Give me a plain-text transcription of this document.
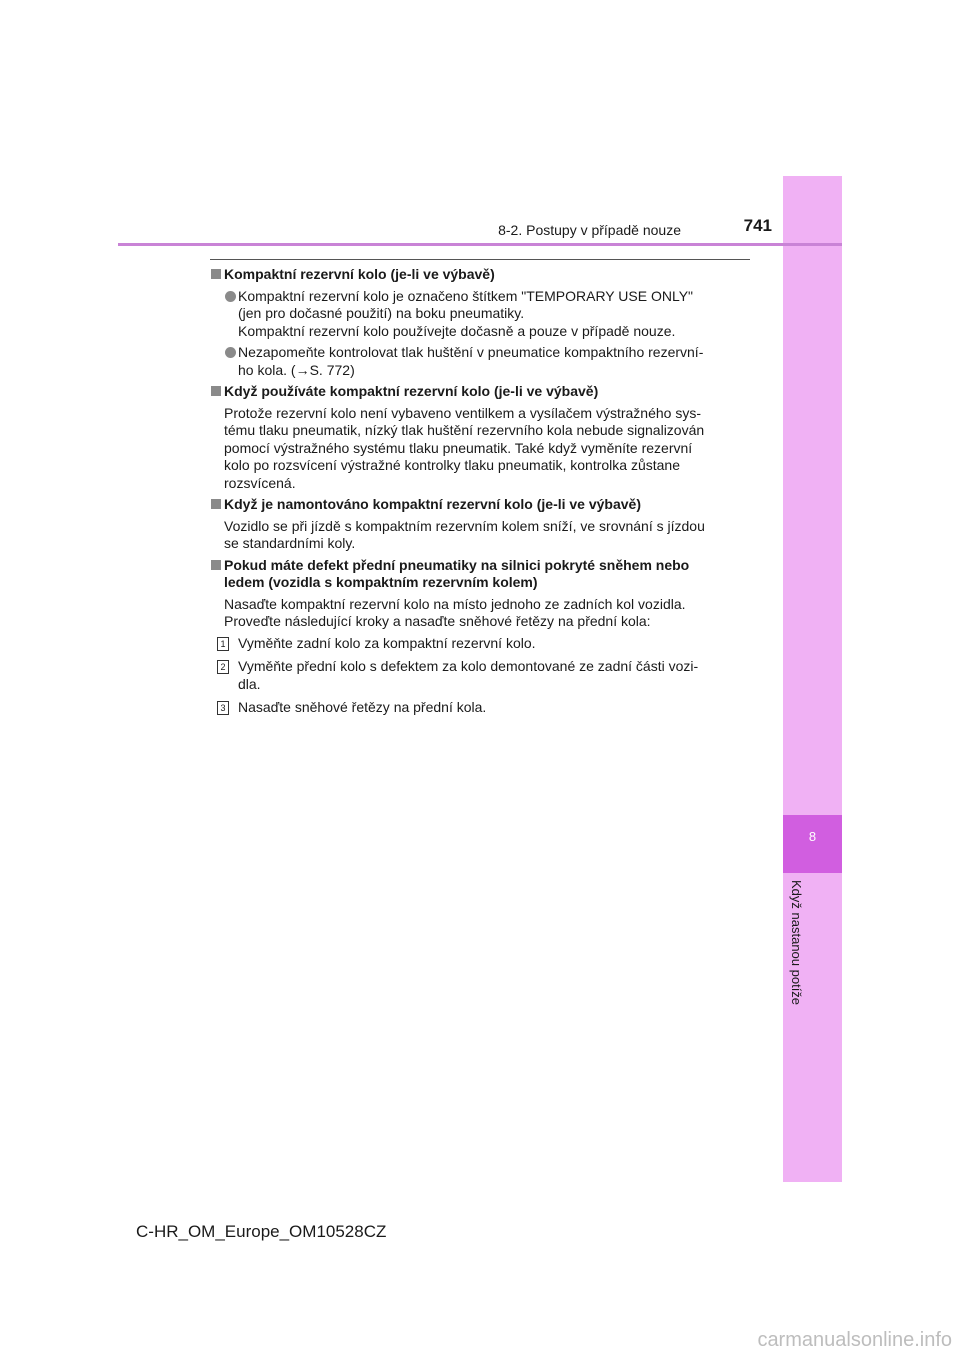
8
Když nastanou potíže
8-2. Postupy v případě nouze	741
Kompaktní rezervní kolo (je-li ve výbavě)
Kompaktní rezervní kolo je označeno štítkem "TEMPORARY USE ONLY"
(jen pro dočasné použití) na boku pneumatiky.
Kompaktní rezervní kolo používejte dočasně a pouze v případě nouze.
Nezapomeňte kontrolovat tlak huštění v pneumatice kompaktního rezervní-
ho kola. (→S. 772)
Když používáte kompaktní rezervní kolo (je-li ve výbavě)
Protože rezervní kolo není vybaveno ventilkem a vysílačem výstražného sys-
tému tlaku pneumatik, nízký tlak huštění rezervního kola nebude signalizován
pomocí výstražného systému tlaku pneumatik. Také když vyměníte rezervní
kolo po rozsvícení výstražné kontrolky tlaku pneumatik, kontrolka zůstane
rozsvícená.
Když je namontováno kompaktní rezervní kolo (je-li ve výbavě)
Vozidlo se při jízdě s kompaktním rezervním kolem sníží, ve srovnání s jízdou
se standardními koly.
Pokud máte defekt přední pneumatiky na silnici pokryté sněhem nebo
ledem (vozidla s kompaktním rezervním kolem)
Nasaďte kompaktní rezervní kolo na místo jednoho ze zadních kol vozidla.
Proveďte následující kroky a nasaďte sněhové řetězy na přední kola:
1 Vyměňte zadní kolo za kompaktní rezervní kolo.
2 Vyměňte přední kolo s defektem za kolo demontované ze zadní části vozi-
dla.
3 Nasaďte sněhové řetězy na přední kola.
C-HR_OM_Europe_OM10528CZ
carmanualsonline.info
